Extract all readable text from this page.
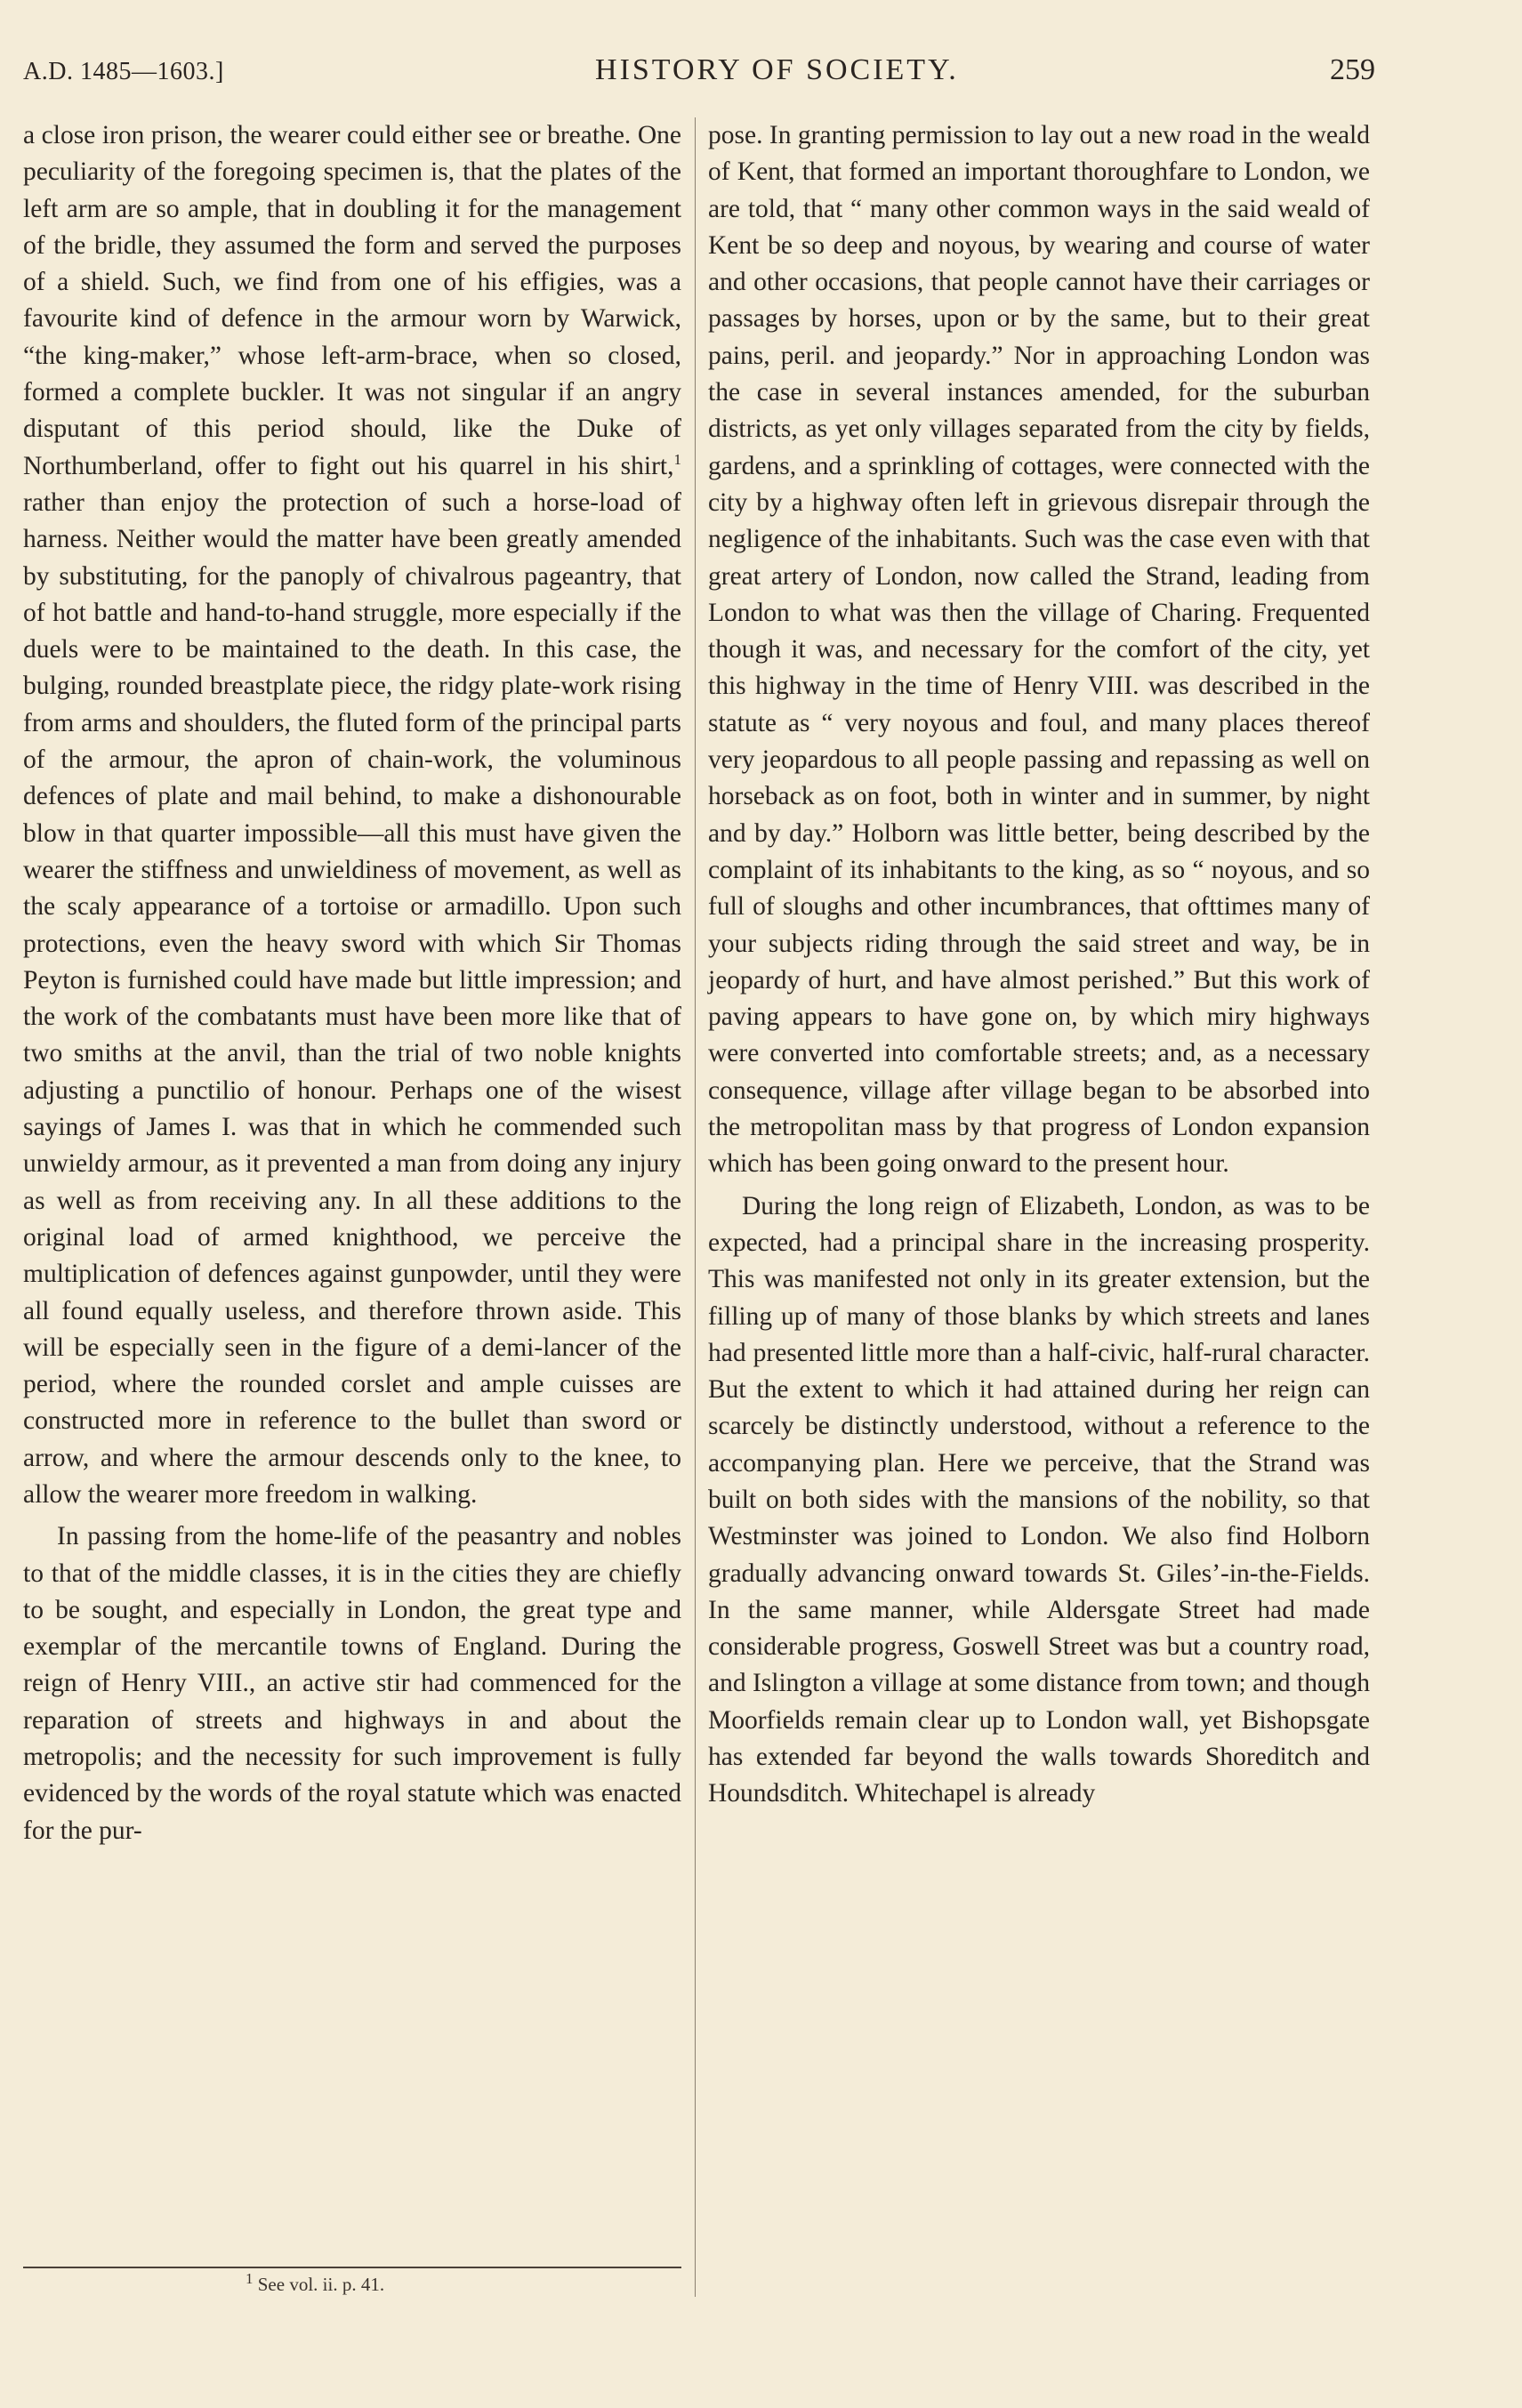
A.D. 1485—1603.]	HISTORY OF SOCIETY.	259

a close iron prison, the wearer could either see or breathe. One peculiarity of the foregoing specimen is, that the plates of the left arm are so ample, that in doubling it for the management of the bridle, they assumed the form and served the purposes of a shield. Such, we find from one of his effigies, was a favourite kind of defence in the armour worn by Warwick, “the king-maker,” whose left-arm-brace, when so closed, formed a complete buckler. It was not singular if an angry disputant of this period should, like the Duke of Northumberland, offer to fight out his quarrel in his shirt,$^1$ rather than enjoy the protection of such a horse-load of harness. Neither would the matter have been greatly amended by substituting, for the panoply of chivalrous pageantry, that of hot battle and hand-to-hand struggle, more especially if the duels were to be maintained to the death. In this case, the bulging, rounded breastplate piece, the ridgy plate-work rising from arms and shoulders, the fluted form of the principal parts of the armour, the apron of chain-work, the voluminous defences of plate and mail behind, to make a dishonourable blow in that quarter impossible—all this must have given the wearer the stiffness and unwieldiness of movement, as well as the scaly appearance of a tortoise or armadillo. Upon such protections, even the heavy sword with which Sir Thomas Peyton is furnished could have made but little impression; and the work of the combatants must have been more like that of two smiths at the anvil, than the trial of two noble knights adjusting a punctilio of honour. Perhaps one of the wisest sayings of James I. was that in which he commended such unwieldy armour, as it prevented a man from doing any injury as well as from receiving any. In all these additions to the original load of armed knighthood, we perceive the multiplication of defences against gunpowder, until they were all found equally useless, and therefore thrown aside. This will be especially seen in the figure of a demi-lancer of the period, where the rounded corslet and ample cuisses are constructed more in reference to the bullet than sword or arrow, and where the armour descends only to the knee, to allow the wearer more freedom in walking.

In passing from the home-life of the peasantry and nobles to that of the middle classes, it is in the cities they are chiefly to be sought, and especially in London, the great type and exemplar of the mercantile towns of England. During the reign of Henry VIII., an active stir had commenced for the reparation of streets and highways in and about the metropolis; and the necessity for such improvement is fully evidenced by the words of the royal statute which was enacted for the pur-

pose. In granting permission to lay out a new road in the weald of Kent, that formed an important thoroughfare to London, we are told, that “ many other common ways in the said weald of Kent be so deep and noyous, by wearing and course of water and other occasions, that people cannot have their carriages or passages by horses, upon or by the same, but to their great pains, peril. and jeopardy.” Nor in approaching London was the case in several instances amended, for the suburban districts, as yet only villages separated from the city by fields, gardens, and a sprinkling of cottages, were connected with the city by a highway often left in grievous disrepair through the negligence of the inhabitants. Such was the case even with that great artery of London, now called the Strand, leading from London to what was then the village of Charing. Frequented though it was, and necessary for the comfort of the city, yet this highway in the time of Henry VIII. was described in the statute as “ very noyous and foul, and many places thereof very jeopardous to all people passing and repassing as well on horseback as on foot, both in winter and in summer, by night and by day.” Holborn was little better, being described by the complaint of its inhabitants to the king, as so “ noyous, and so full of sloughs and other incumbrances, that ofttimes many of your subjects riding through the said street and way, be in jeopardy of hurt, and have almost perished.” But this work of paving appears to have gone on, by which miry highways were converted into comfortable streets; and, as a necessary consequence, village after village began to be absorbed into the metropolitan mass by that progress of London expansion which has been going onward to the present hour.

During the long reign of Elizabeth, London, as was to be expected, had a principal share in the increasing prosperity. This was manifested not only in its greater extension, but the filling up of many of those blanks by which streets and lanes had presented little more than a half-civic, half-rural character. But the extent to which it had attained during her reign can scarcely be distinctly understood, without a reference to the accompanying plan. Here we perceive, that the Strand was built on both sides with the mansions of the nobility, so that Westminster was joined to London. We also find Holborn gradually advancing onward towards St. Giles’-in-the-Fields. In the same manner, while Aldersgate Street had made considerable progress, Goswell Street was but a country road, and Islington a village at some distance from town; and though Moorfields remain clear up to London wall, yet Bishopsgate has extended far beyond the walls towards Shoreditch and Houndsditch. Whitechapel is already

$^1$ See vol. ii. p. 41.
